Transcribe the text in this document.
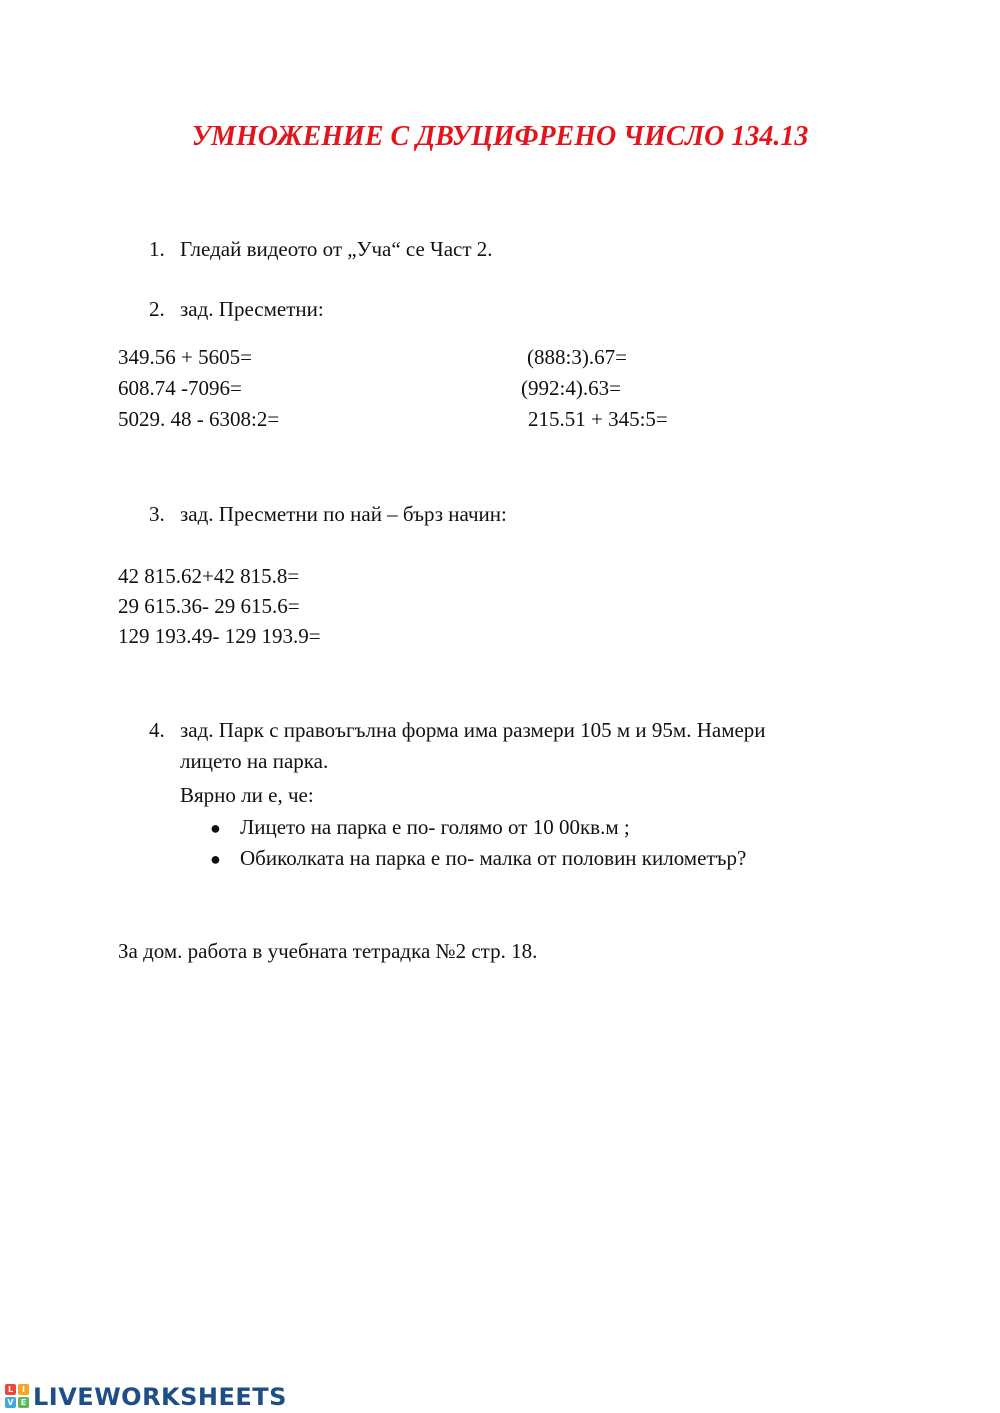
УМНОЖЕНИЕ С ДВУЦИФРЕНО ЧИСЛО 134.13
1. Гледай видеото от „Уча“ се Част 2.
2. зад. Пресметни:
349.56 + 5605=	(888:3).67=
608.74 -7096=	(992:4).63=
5029. 48 - 6308:2=	215.51 + 345:5=
3. зад. Пресметни по най – бърз начин:
42 815.62+42 815.8=
29 615.36- 29 615.6=
129 193.49- 129 193.9=
4. зад. Парк с правоъгълна форма има размери 105 м и 95м. Намери
лицето на парка.
Вярно ли е, че:
● Лицето на парка е по- голямо от 10 00кв.м ;
● Обиколката на парка е по- малка от половин километър?
За дом. работа в учебната тетрадка №2 стр. 18.
L	I
V E LIVEWORKSHEETS
